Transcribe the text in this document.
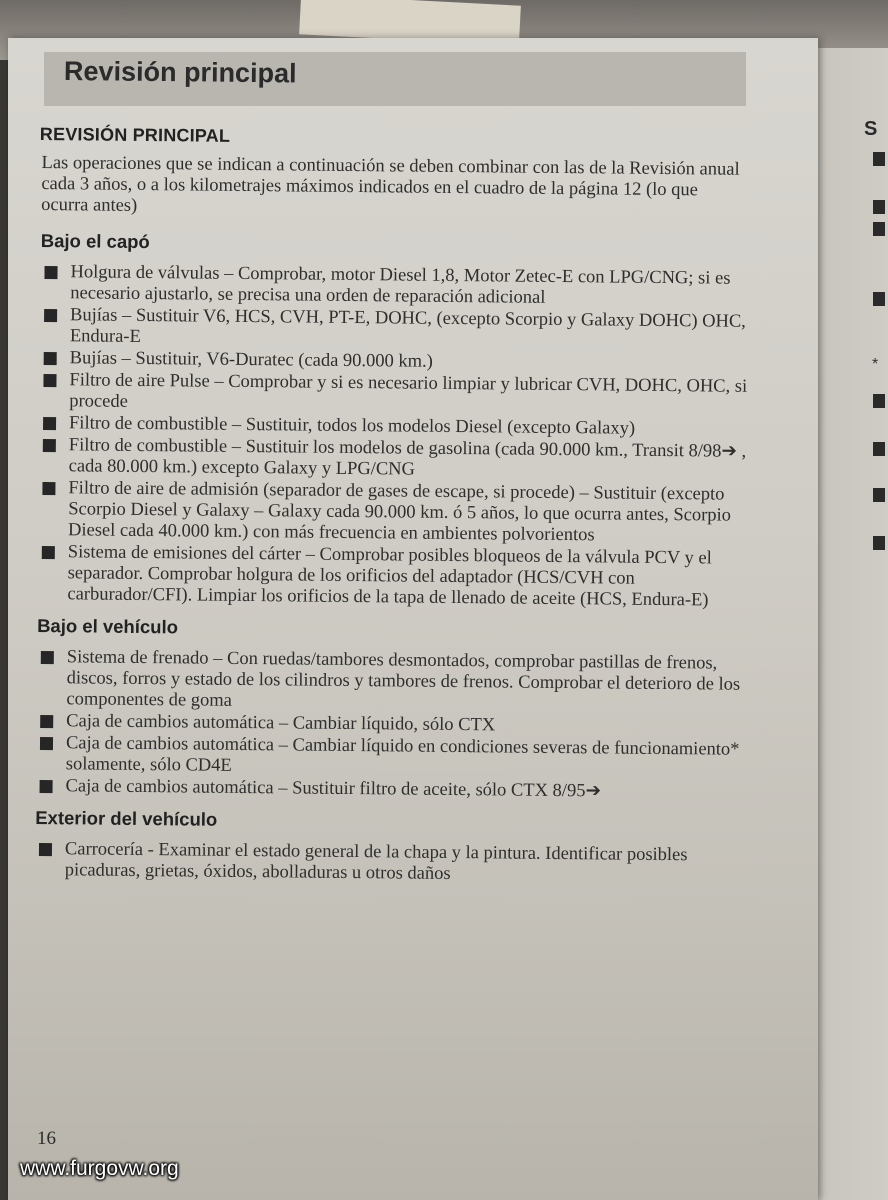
S
*
Revisión principal
REVISIÓN PRINCIPAL

Las operaciones que se indican a continuación se deben combinar con las de la Revisión anual cada 3 años, o a los kilometrajes máximos indicados en el cuadro de la página 12 (lo que ocurra antes)

Bajo el capó
Holgura de válvulas – Comprobar, motor Diesel 1,8, Motor Zetec-E con LPG/CNG; si es necesario ajustarlo, se precisa una orden de reparación adicional
Bujías – Sustituir V6, HCS, CVH, PT-E, DOHC, (excepto Scorpio y Galaxy DOHC) OHC, Endura-E
Bujías – Sustituir, V6-Duratec (cada 90.000 km.)
Filtro de aire Pulse – Comprobar y si es necesario limpiar y lubricar CVH, DOHC, OHC, si procede
Filtro de combustible – Sustituir, todos los modelos Diesel (excepto Galaxy)
Filtro de combustible – Sustituir los modelos de gasolina (cada 90.000 km., Transit 8/98➔ , cada 80.000 km.) excepto Galaxy y LPG/CNG
Filtro de aire de admisión (separador de gases de escape, si procede) – Sustituir (excepto Scorpio Diesel y Galaxy – Galaxy cada 90.000 km. ó 5 años, lo que ocurra antes, Scorpio Diesel cada 40.000 km.) con más frecuencia en ambientes polvorientos
Sistema de emisiones del cárter – Comprobar posibles bloqueos de la válvula PCV y el separador. Comprobar holgura de los orificios del adaptador (HCS/CVH con carburador/CFI). Limpiar los orificios de la tapa de llenado de aceite (HCS, Endura-E)
Bajo el vehículo
Sistema de frenado – Con ruedas/tambores desmontados, comprobar pastillas de frenos, discos, forros y estado de los cilindros y tambores de frenos. Comprobar el deterioro de los componentes de goma
Caja de cambios automática – Cambiar líquido, sólo CTX
Caja de cambios automática – Cambiar líquido en condiciones severas de funcionamiento* solamente, sólo CD4E
Caja de cambios automática – Sustituir filtro de aceite, sólo CTX 8/95➔
Exterior del vehículo
Carrocería - Examinar el estado general de la chapa y la pintura. Identificar posibles picaduras, grietas, óxidos, abolladuras u otros daños
16
www.furgovw.org
